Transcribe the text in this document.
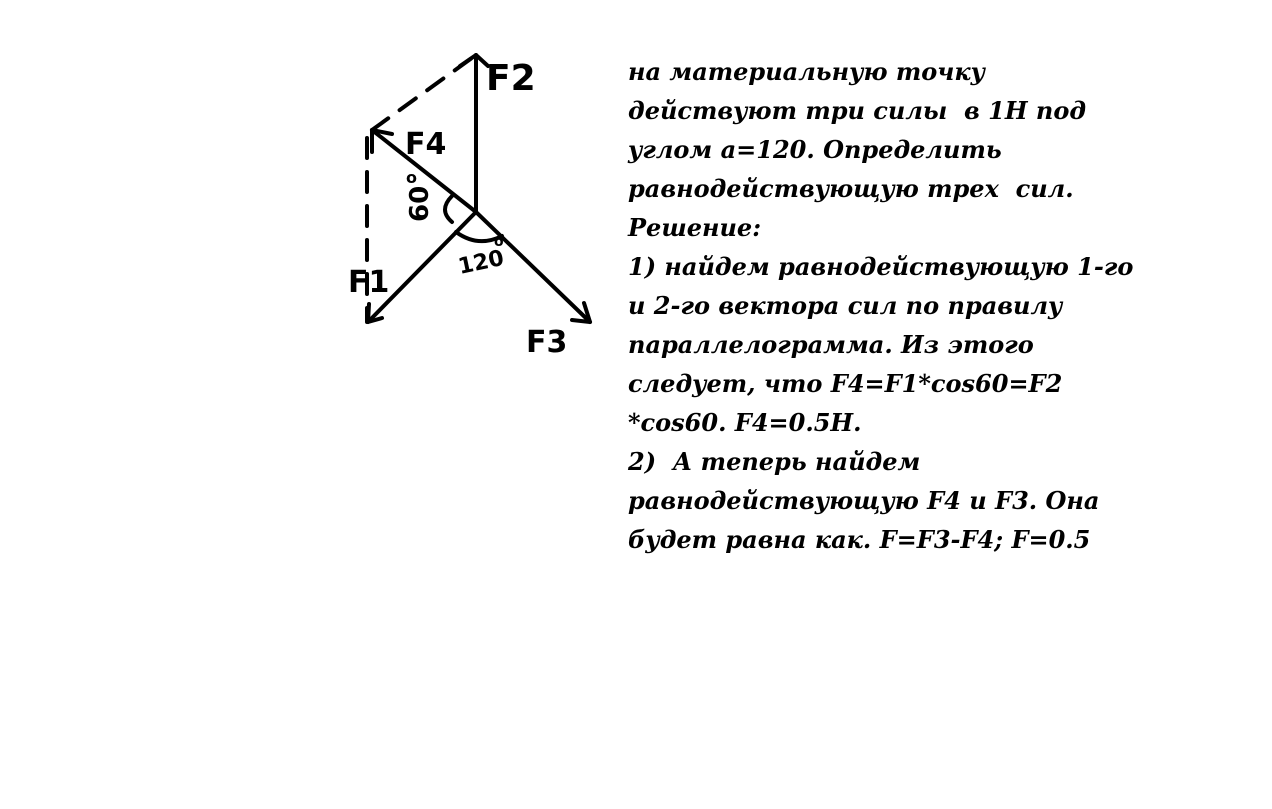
F2
F4
F1
F3
60
o
120
o
на материальную точку
действуют три силы  в 1Н под
углом а=120. Определить
равнодействующую трех  сил.
Решение:
1) найдем равнодействующую 1-го
и 2-го вектора сил по правилу
параллелограмма. Из этого
следует, что F4=F1*cos60=F2
*cos60. F4=0.5Н.
2)  А теперь найдем
равнодействующую F4 и F3. Она
будет равна как. F=F3-F4; F=0.5
